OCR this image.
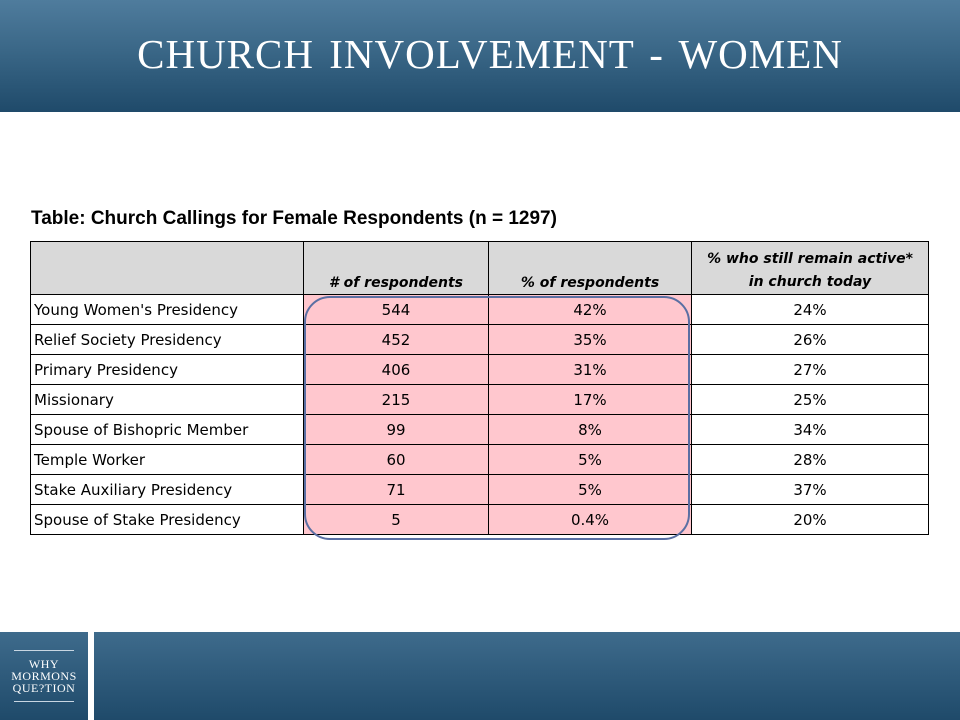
CHURCH INVOLVEMENT - WOMEN
Table: Church Callings for Female Respondents (n = 1297)
	# of respondents	% of respondents	% who still remain active* in church today

Young Women's Presidency	544	42%	24%
Relief Society Presidency	452	35%	26%
Primary Presidency	406	31%	27%
Missionary	215	17%	25%
Spouse of Bishopric Member	99	8%	34%
Temple Worker	60	5%	28%
Stake Auxiliary Presidency	71	5%	37%
Spouse of Stake Presidency	5	0.4%	20%
WHY
MORMONS
QUE?TION
